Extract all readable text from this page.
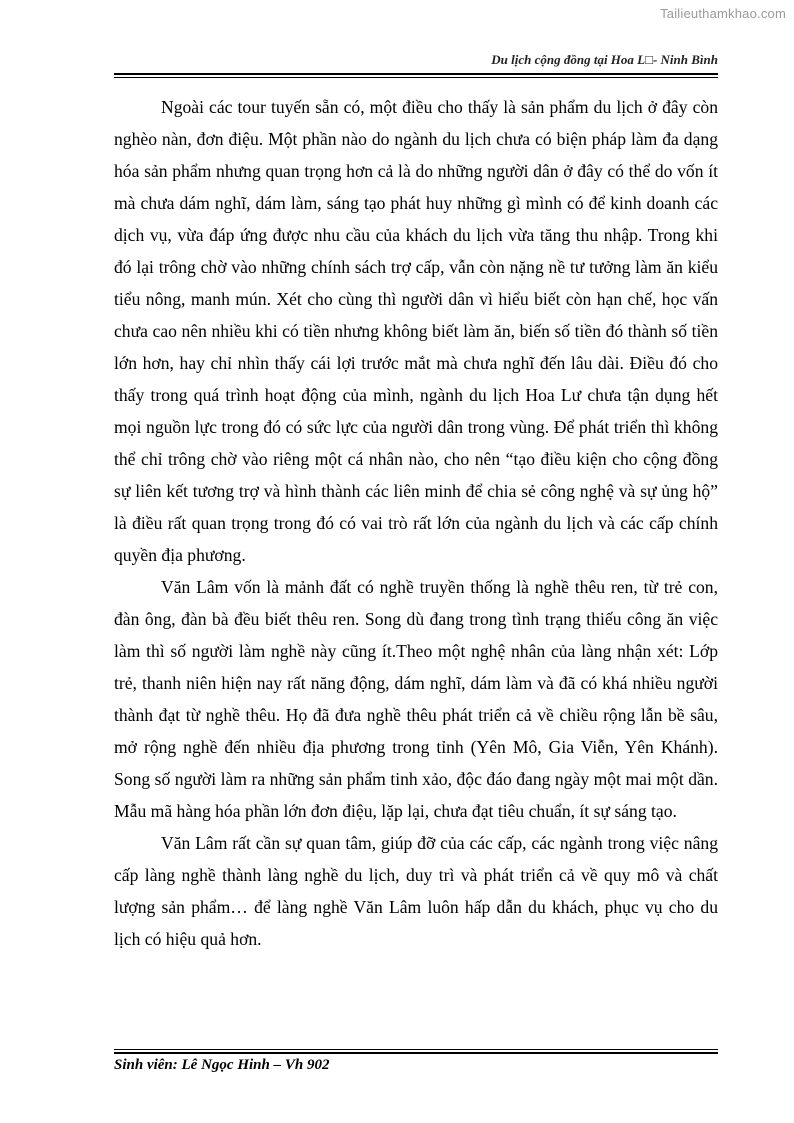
Tailieuthamkhao.com
Du lịch cộng đồng tại Hoa L□- Ninh Bình

Ngoài các tour tuyến sẵn có, một điều cho thấy là sản phẩm du lịch ở đây còn nghèo nàn, đơn điệu. Một phần nào do ngành du lịch chưa có biện pháp làm đa dạng hóa sản phẩm nhưng quan trọng hơn cả là do những người dân ở đây có thể do vốn ít mà chưa dám nghĩ, dám làm, sáng tạo phát huy những gì mình có để kinh doanh các dịch vụ, vừa đáp ứng được nhu cầu của khách du lịch vừa tăng thu nhập. Trong khi đó lại trông chờ vào những chính sách trợ cấp, vẫn còn nặng nề tư tưởng làm ăn kiểu tiểu nông, manh mún. Xét cho cùng thì người dân vì hiểu biết còn hạn chế, học vấn chưa cao nên nhiều khi có tiền nhưng không biết làm ăn, biến số tiền đó thành số tiền lớn hơn, hay chỉ nhìn thấy cái lợi trước mắt mà chưa nghĩ đến lâu dài. Điều đó cho thấy trong quá trình hoạt động của mình, ngành du lịch Hoa Lư chưa tận dụng hết mọi nguồn lực trong đó có sức lực của người dân trong vùng. Để phát triển thì không thể chỉ trông chờ vào riêng một cá nhân nào, cho nên “tạo điều kiện cho cộng đồng sự liên kết tương trợ và hình thành các liên minh để chia sẻ công nghệ và sự ủng hộ” là điều rất quan trọng trong đó có vai trò rất lớn của ngành du lịch và các cấp chính quyền địa phương.

Văn Lâm vốn là mảnh đất có nghề truyền thống là nghề thêu ren, từ trẻ con, đàn ông, đàn bà đều biết thêu ren. Song dù đang trong tình trạng thiếu công ăn việc làm thì số người làm nghề này cũng ít.Theo một nghệ nhân của làng nhận xét: Lớp trẻ, thanh niên hiện nay rất năng động, dám nghĩ, dám làm và đã có khá nhiều người thành đạt từ nghề thêu. Họ đã đưa nghề thêu phát triển cả về chiều rộng lẫn bề sâu, mở rộng nghề đến nhiều địa phương trong tỉnh (Yên Mô, Gia Viễn, Yên Khánh). Song số người làm ra những sản phẩm tinh xảo, độc đáo đang ngày một mai một dần. Mẫu mã hàng hóa phần lớn đơn điệu, lặp lại, chưa đạt tiêu chuẩn, ít sự sáng tạo.

Văn Lâm rất cần sự quan tâm, giúp đỡ của các cấp, các ngành trong việc nâng cấp làng nghề thành làng nghề du lịch, duy trì và phát triển cả về quy mô và chất lượng sản phẩm… để làng nghề Văn Lâm luôn hấp dẫn du khách, phục vụ cho du lịch có hiệu quả hơn.

Sinh viên: Lê Ngọc Hinh – Vh 902
